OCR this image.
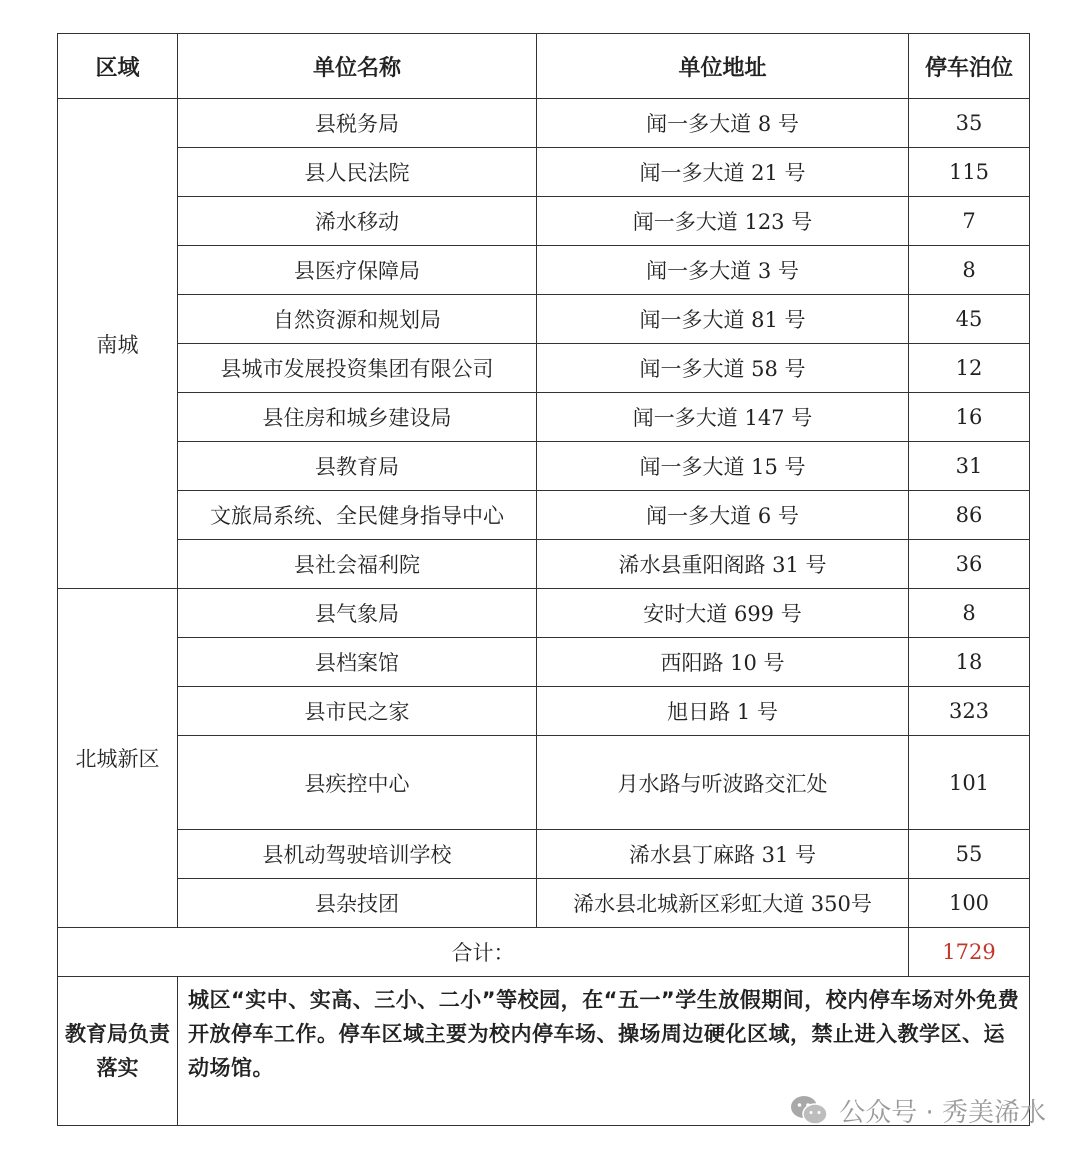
区域	单位名称	单位地址	停车泊位
南城	县税务局	闻一多大道 8 号	35
	县人民法院	闻一多大道 21 号	115
	浠水移动	闻一多大道 123 号	7
	县医疗保障局	闻一多大道 3 号	8
	自然资源和规划局	闻一多大道 81 号	45
	县城市发展投资集团有限公司	闻一多大道 58 号	12
	县住房和城乡建设局	闻一多大道 147 号	16
	县教育局	闻一多大道 15 号	31
	文旅局系统、全民健身指导中心	闻一多大道 6 号	86
	县社会福利院	浠水县重阳阁路 31 号	36
北城新区	县气象局	安时大道 699 号	8
	县档案馆	西阳路 10 号	18
	县市民之家	旭日路 1 号	323
	县疾控中心	月水路与听波路交汇处	101
	县机动驾驶培训学校	浠水县丁麻路 31 号	55
	县杂技团	浠水县北城新区彩虹大道 350号	100
合计：			1729
教育局负责落实	城区“实中、实高、三小、二小”等校园，在“五一”学生放假期间，校内停车场对外免费开放停车工作。停车区域主要为校内停车场、操场周边硬化区域，禁止进入教学区、运动场馆。		
公众号 · 秀美浠水
